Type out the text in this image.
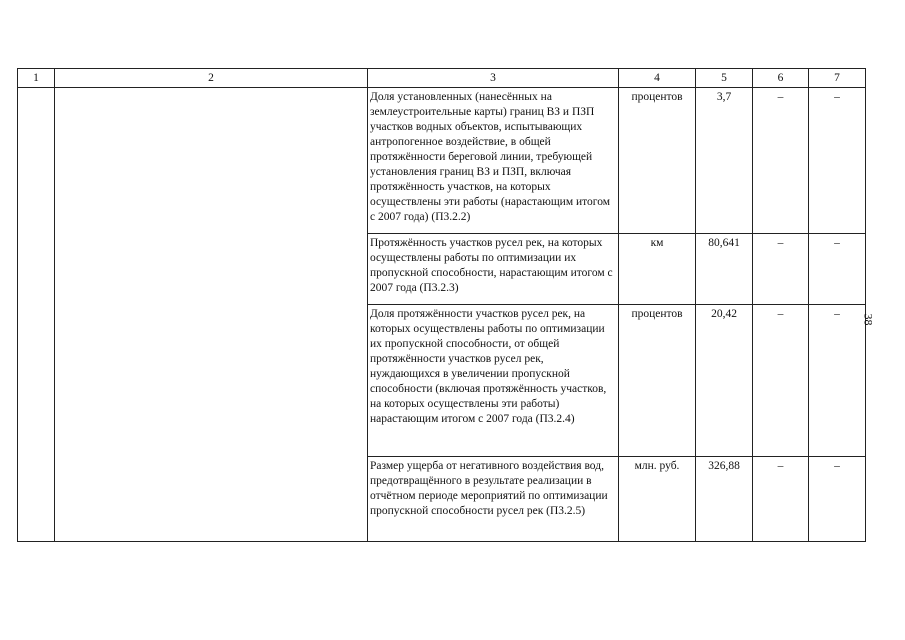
1	2	3	4	5	6	7
		Доля установленных (нанесённых на землеустроительные карты) границ ВЗ и ПЗП участков водных объектов, испытывающих антропогенное воздействие, в общей протяжённости береговой линии, требующей установления границ ВЗ и ПЗП, включая протяжённость участков, на которых осуществлены эти работы (нарастающим итогом с 2007 года) (П3.2.2)	процентов	3,7	–	–
		Протяжённость участков русел рек, на которых осуществлены работы по оптимизации их пропускной способности, нарастающим итогом с 2007 года (П3.2.3)	км	80,641	–	–
		Доля протяжённости участков русел рек, на которых осуществлены работы по оптимизации их пропускной способности, от общей протяжённости участков русел рек, нуждающихся в увеличении пропускной способности (включая протяжённость участков, на которых осуществлены эти работы) нарастающим итогом с 2007 года (П3.2.4)	процентов	20,42	–	–
		Размер ущерба от негативного воздействия вод, предотвращённого в результате реализации в отчётном периоде мероприятий по оптимизации пропускной способности русел рек (П3.2.5)	млн. руб.	326,88	–	–
38
